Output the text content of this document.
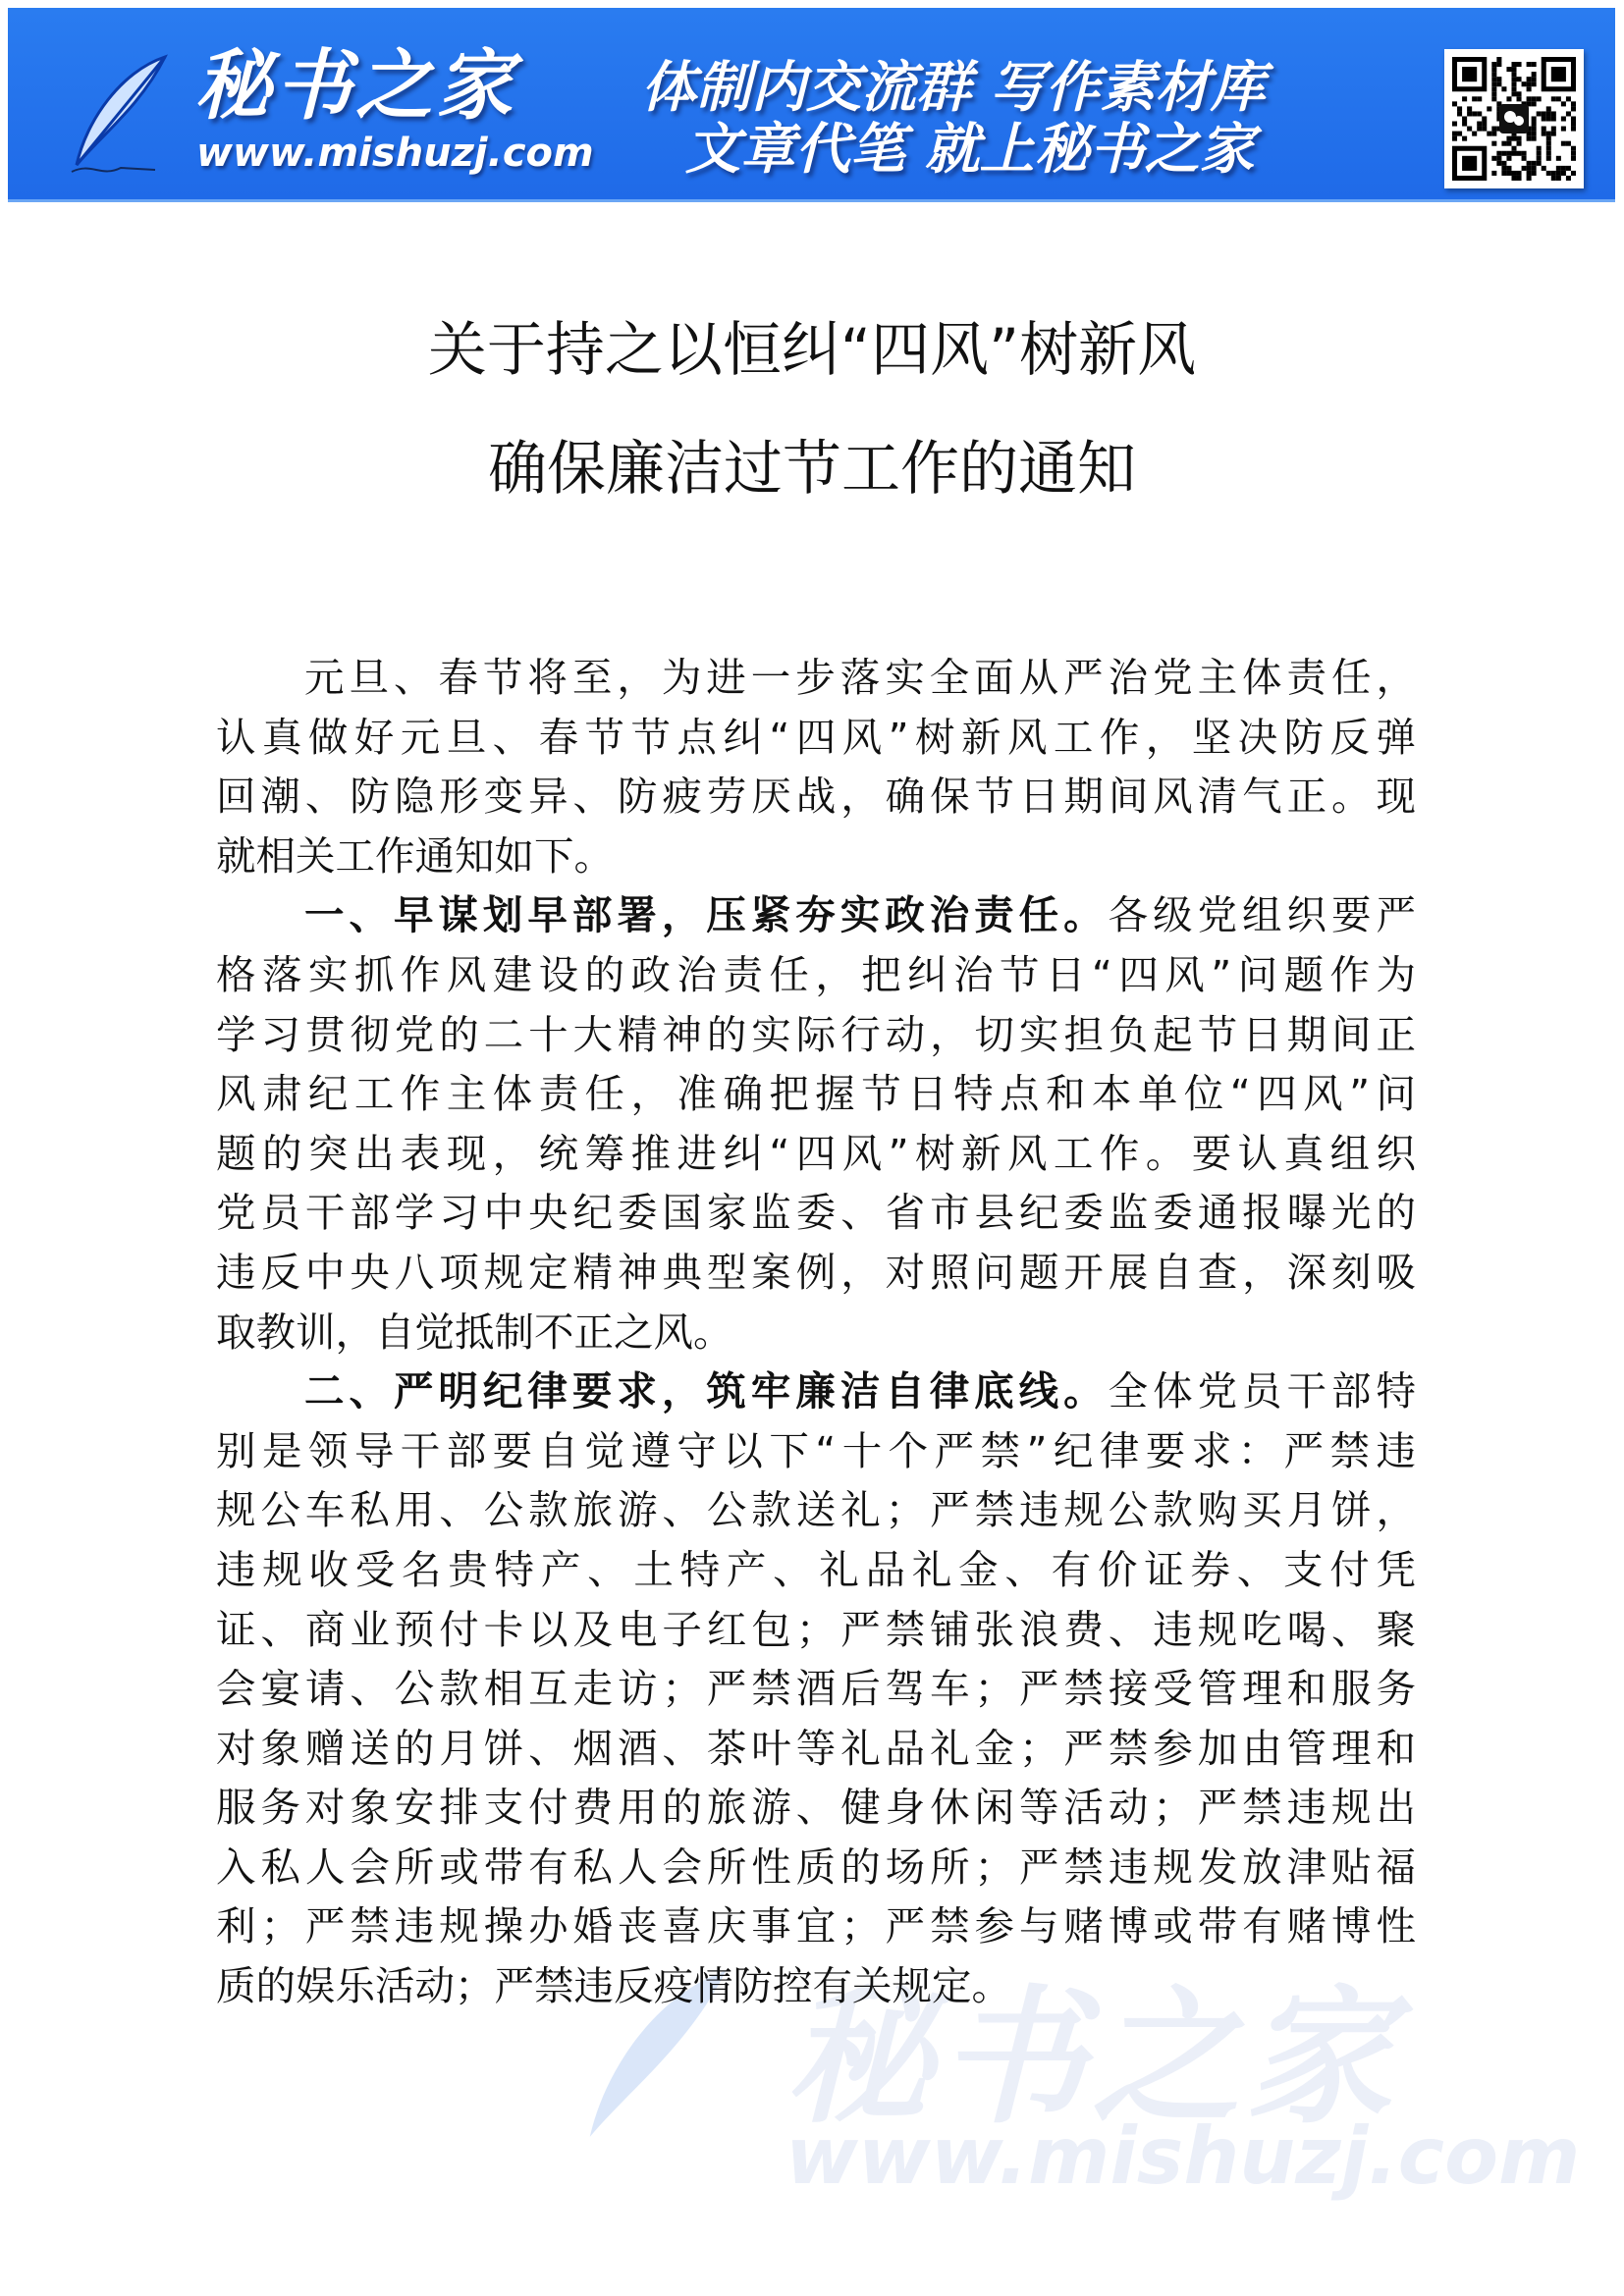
秘书之家
www.mishuzj.com
体制内交流群 写作素材库
文章代笔 就上秘书之家
关于持之以恒纠“四风”树新风
确保廉洁过节工作的通知
秘书之家
www.mishuzj.com
元旦、春节将至，为进一步落实全面从严治党主体责任，
认真做好元旦、春节节点纠“四风”树新风工作，坚决防反弹
回潮、防隐形变异、防疲劳厌战，确保节日期间风清气正。现
就相关工作通知如下。
一、早谋划早部署，压紧夯实政治责任。各级党组织要严
格落实抓作风建设的政治责任，把纠治节日“四风”问题作为
学习贯彻党的二十大精神的实际行动，切实担负起节日期间正
风肃纪工作主体责任，准确把握节日特点和本单位“四风”问
题的突出表现，统筹推进纠“四风”树新风工作。要认真组织
党员干部学习中央纪委国家监委、省市县纪委监委通报曝光的
违反中央八项规定精神典型案例，对照问题开展自查，深刻吸
取教训，自觉抵制不正之风。
二、严明纪律要求，筑牢廉洁自律底线。全体党员干部特
别是领导干部要自觉遵守以下“十个严禁”纪律要求：严禁违
规公车私用、公款旅游、公款送礼；严禁违规公款购买月饼，
违规收受名贵特产、土特产、礼品礼金、有价证券、支付凭
证、商业预付卡以及电子红包；严禁铺张浪费、违规吃喝、聚
会宴请、公款相互走访；严禁酒后驾车；严禁接受管理和服务
对象赠送的月饼、烟酒、茶叶等礼品礼金；严禁参加由管理和
服务对象安排支付费用的旅游、健身休闲等活动；严禁违规出
入私人会所或带有私人会所性质的场所；严禁违规发放津贴福
利；严禁违规操办婚丧喜庆事宜；严禁参与赌博或带有赌博性
质的娱乐活动；严禁违反疫情防控有关规定。
